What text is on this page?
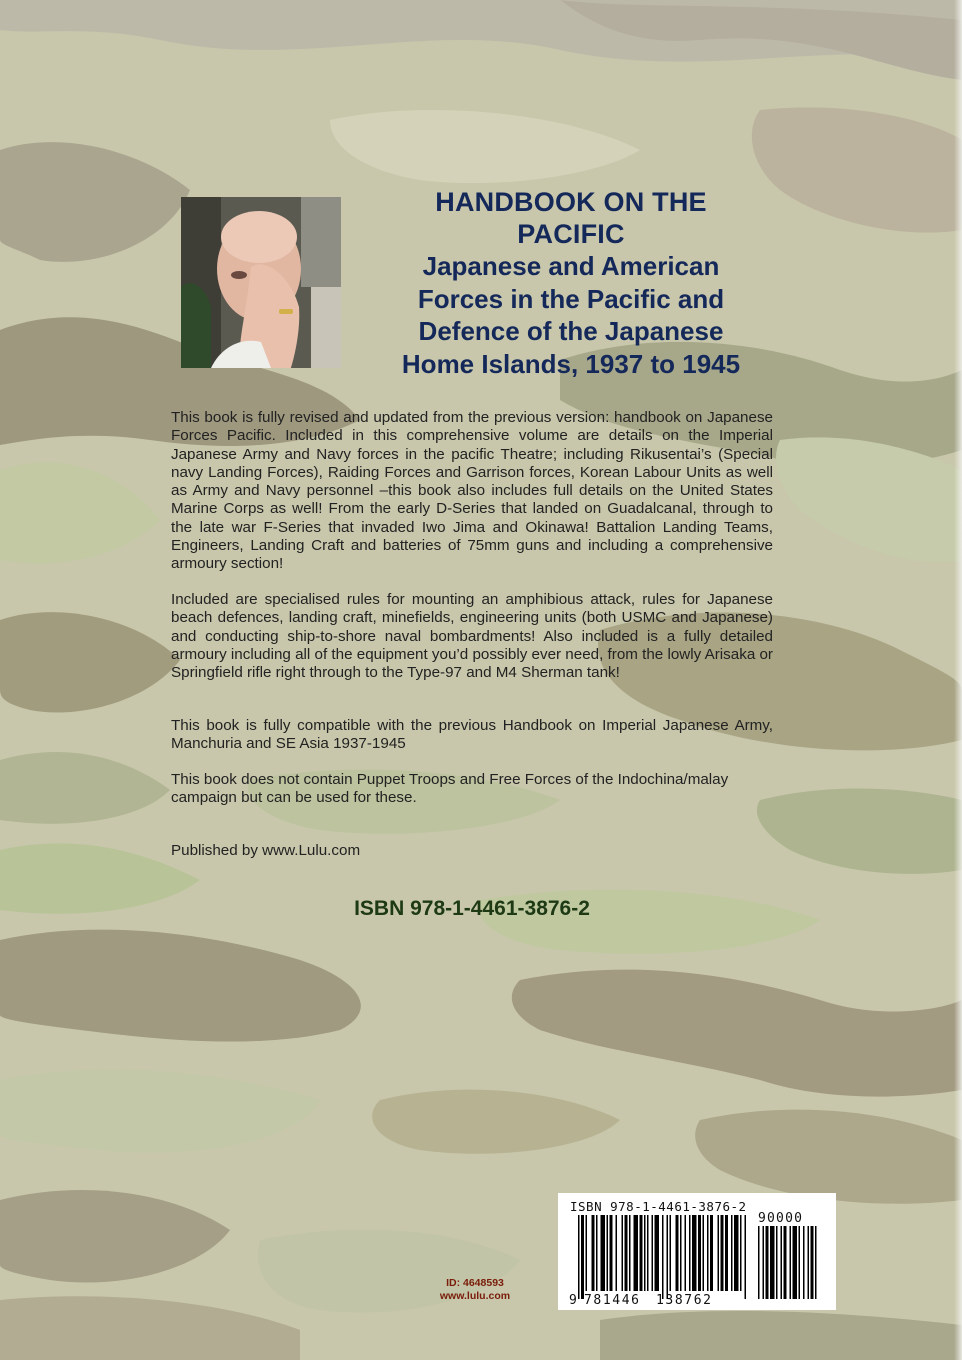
HANDBOOK ON THE
PACIFIC
Japanese and American
Forces in the Pacific and
Defence of the Japanese
Home Islands, 1937 to 1945

This book is fully revised and updated from the previous version: handbook on Japanese Forces Pacific. Included in this comprehensive volume are details on the Imperial Japanese Army and Navy forces in the pacific Theatre; including Rikusentai’s (Special navy Landing Forces), Raiding Forces and Garrison forces, Korean Labour Units as well as Army and Navy personnel –this book also includes full details on the United States Marine Corps as well! From the early D-Series that landed on Guadalcanal, through to the late war F-Series that invaded Iwo Jima and Okinawa! Battalion Landing Teams, Engineers, Landing Craft and batteries of 75mm guns and including a comprehensive armoury section!

Included are specialised rules for mounting an amphibious attack, rules for Japanese beach defences, landing craft, minefields, engineering units (both USMC and Japanese) and conducting ship-to-shore naval bombardments! Also included is a fully detailed armoury including all of the equipment you’d possibly ever need, from the lowly Arisaka or Springfield rifle right through to the Type-97 and M4 Sherman tank!

This book is fully compatible with the previous Handbook on Imperial Japanese Army, Manchuria and SE Asia 1937-1945

This book does not contain Puppet Troops and Free Forces of the Indochina/malay campaign but can be used for these.

Published by www.Lulu.com

ISBN 978-1-4461-3876-2
ID: 4648593
www.lulu.com	9 781446 138762
90000
ISBN 978-1-4461-3876-2
